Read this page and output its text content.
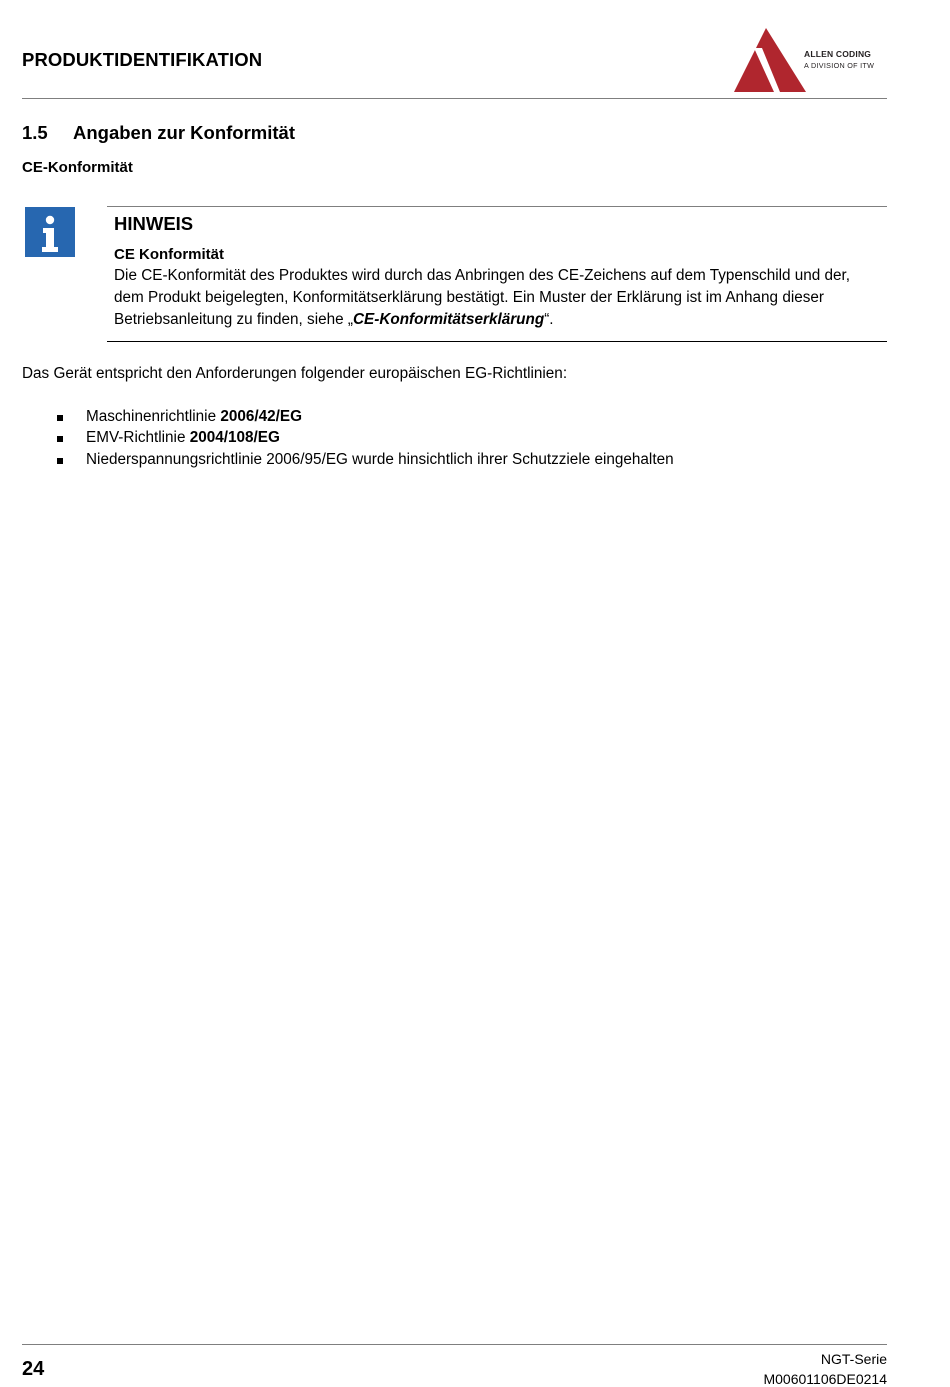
PRODUKTIDENTIFIKATION	ALLEN CODING
A DIVISION OF ITW
1.5 Angaben zur Konformität
CE-Konformität
HINWEIS
CE Konformität
Die CE-Konformität des Produktes wird durch das Anbringen des CE-Zeichens auf dem Typenschild und der, dem Produkt beigelegten, Konformitätserklärung bestätigt. Ein Muster der Erklärung ist im Anhang dieser Betriebsanleitung zu finden, siehe „CE-Konformitätserklärung“.
Das Gerät entspricht den Anforderungen folgender europäischen EG-Richtlinien:
Maschinenrichtlinie 2006/42/EG
EMV-Richtlinie 2004/108/EG
Niederspannungsrichtlinie 2006/95/EG wurde hinsichtlich ihrer Schutzziele eingehalten
24	NGT-Serie
M00601106DE0214
